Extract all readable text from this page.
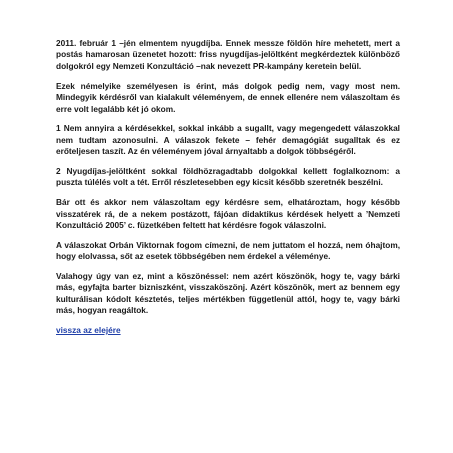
2011. február 1 –jén elmentem nyugdíjba. Ennek messze földön híre mehetett, mert a postás hamarosan üzenetet hozott: friss nyugdíjas-jelöltként megkérdeztek különböző dolgokról egy Nemzeti Konzultáció –nak nevezett PR-kampány keretein belül.

Ezek némelyike személyesen is érint, más dolgok pedig nem, vagy most nem. Mindegyik kérdésről van kialakult véleményem, de ennek ellenére nem válaszoltam és erre volt legalább két jó okom.

1 Nem annyira a kérdésekkel, sokkal inkább a sugallt, vagy megengedett válaszokkal nem tudtam azonosulni. A válaszok fekete – fehér demagógiát sugalltak és ez erőteljesen taszít. Az én véleményem jóval árnyaltabb a dolgok többségéről.

2 Nyugdíjas-jelöltként sokkal földhözragadtabb dolgokkal kellett foglalkoznom: a puszta túlélés volt a tét. Erről részletesebben egy kicsit később szeretnék beszélni.

Bár ott és akkor nem válaszoltam egy kérdésre sem, elhatároztam, hogy később visszatérek rá, de a nekem postázott, fájóan didaktikus kérdések helyett a ’Nemzeti Konzultáció 2005’ c. füzetkében feltett hat kérdésre fogok válaszolni.

A válaszokat Orbán Viktornak fogom címezni, de nem juttatom el hozzá, nem óhajtom, hogy elolvassa, sőt az esetek többségében nem érdekel a véleménye.

Valahogy úgy van ez, mint a köszönéssel: nem azért köszönök, hogy te, vagy bárki más, egyfajta barter bizniszként, visszaköszönj. Azért köszönök, mert az bennem egy kulturálisan kódolt késztetés, teljes mértékben függetlenül attól, hogy te, vagy bárki más, hogyan reagáltok.

vissza az elejére
